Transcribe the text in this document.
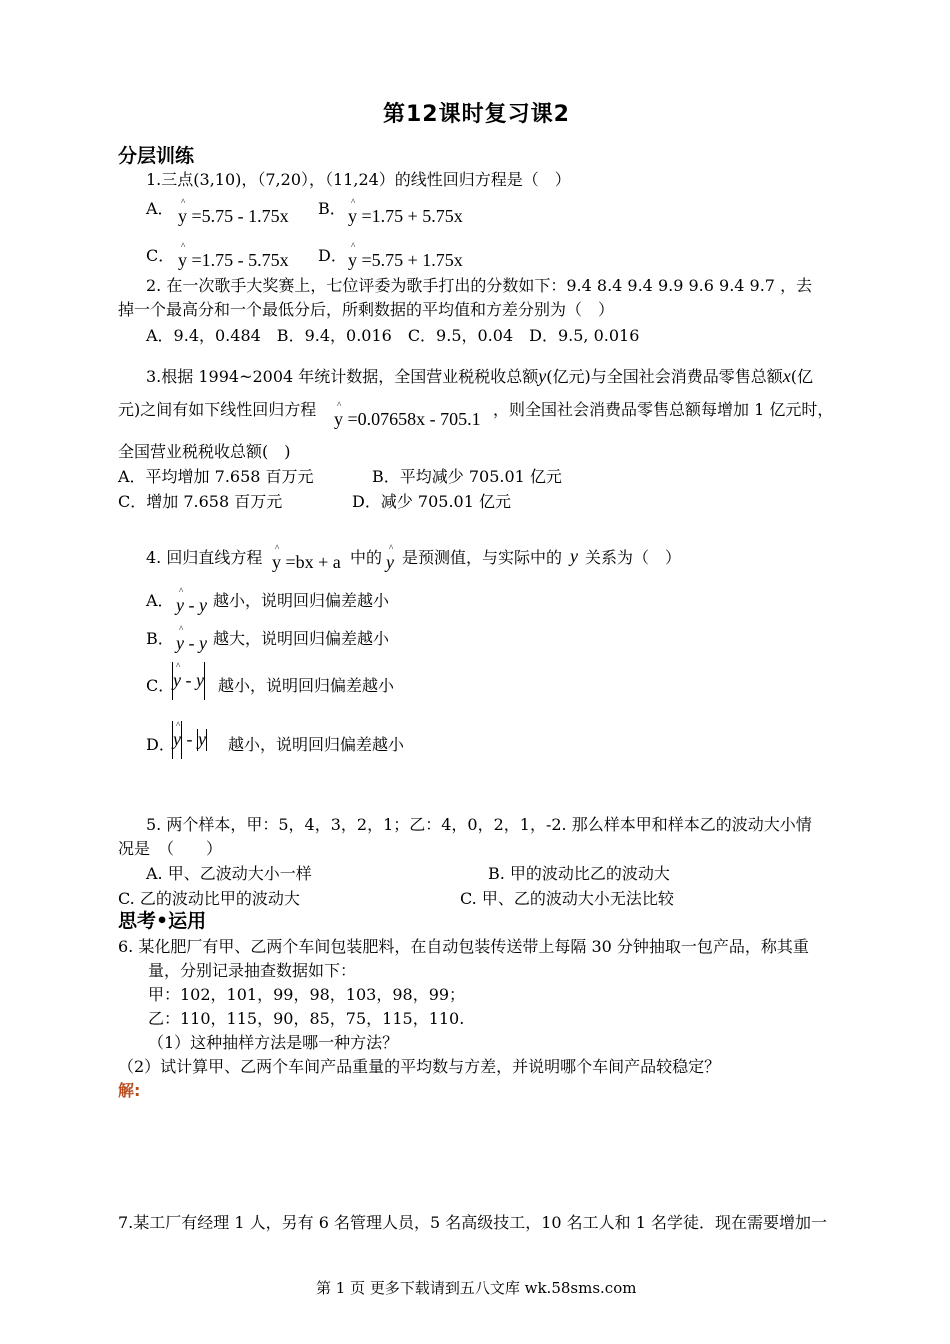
第12课时复习课2
分层训练
1.三点(3,10)，（7,20），（11,24）的线性回归方程是（　）
A． ^
y =5.75 - 1.75x B． ^
y =1.75 + 5.75x
C． ^
y =1.75 - 5.75x D． ^
y =5.75 + 1.75x
2. 在一次歌手大奖赛上，七位评委为歌手打出的分数如下：9.4 8.4 9.4 9.9 9.6 9.4 9.7 ，去
掉一个最高分和一个最低分后，所剩数据的平均值和方差分别为（　）
A．9.4，0.484　B．9.4，0.016　C．9.5，0.04　D．9.5, 0.016
3.根据 1994~2004 年统计数据，全国营业税税收总额y(亿元)与全国社会消费品零售总额x(亿
元)之间有如下线性回归方程 ^
y =0.07658x - 705.1 ，则全国社会消费品零售总额每增加 1 亿元时，
全国营业税税收总额(　)
A．平均增加 7.658 百万元	B．平均减少 705.01 亿元
C．增加 7.658 百万元	D．减少 705.01 亿元
4. 回归直线方程 ^
y =bx + a 中的 ^
y 是预测值，与实际中的 y 关系为（　）
A． ^
y - y 越小，说明回归偏差越小
B． ^
y - y 越大，说明回归偏差越小
C．
^
y - y 越小，说明回归偏差越小
D．
^
y - y 越小，说明回归偏差越小
5. 两个样本，甲：5，4，3，2，1；乙：4，0，2，1，-2. 那么样本甲和样本乙的波动大小情
况是　（　　）
A. 甲、乙波动大小一样	B. 甲的波动比乙的波动大
C. 乙的波动比甲的波动大	C. 甲、乙的波动大小无法比较
思考•运用
6. 某化肥厂有甲、乙两个车间包装肥料，在自动包装传送带上每隔 30 分钟抽取一包产品，称其重
量，分别记录抽查数据如下：
甲：102，101，99，98，103，98，99；
乙：110，115，90，85，75，115，110.
（1）这种抽样方法是哪一种方法？
（2）试计算甲、乙两个车间产品重量的平均数与方差，并说明哪个车间产品较稳定？
解:
7.某工厂有经理 1 人，另有 6 名管理人员，5 名高级技工，10 名工人和 1 名学徒．现在需要增加一
第 1 页 更多下载请到五八文库 wk.58sms.com
